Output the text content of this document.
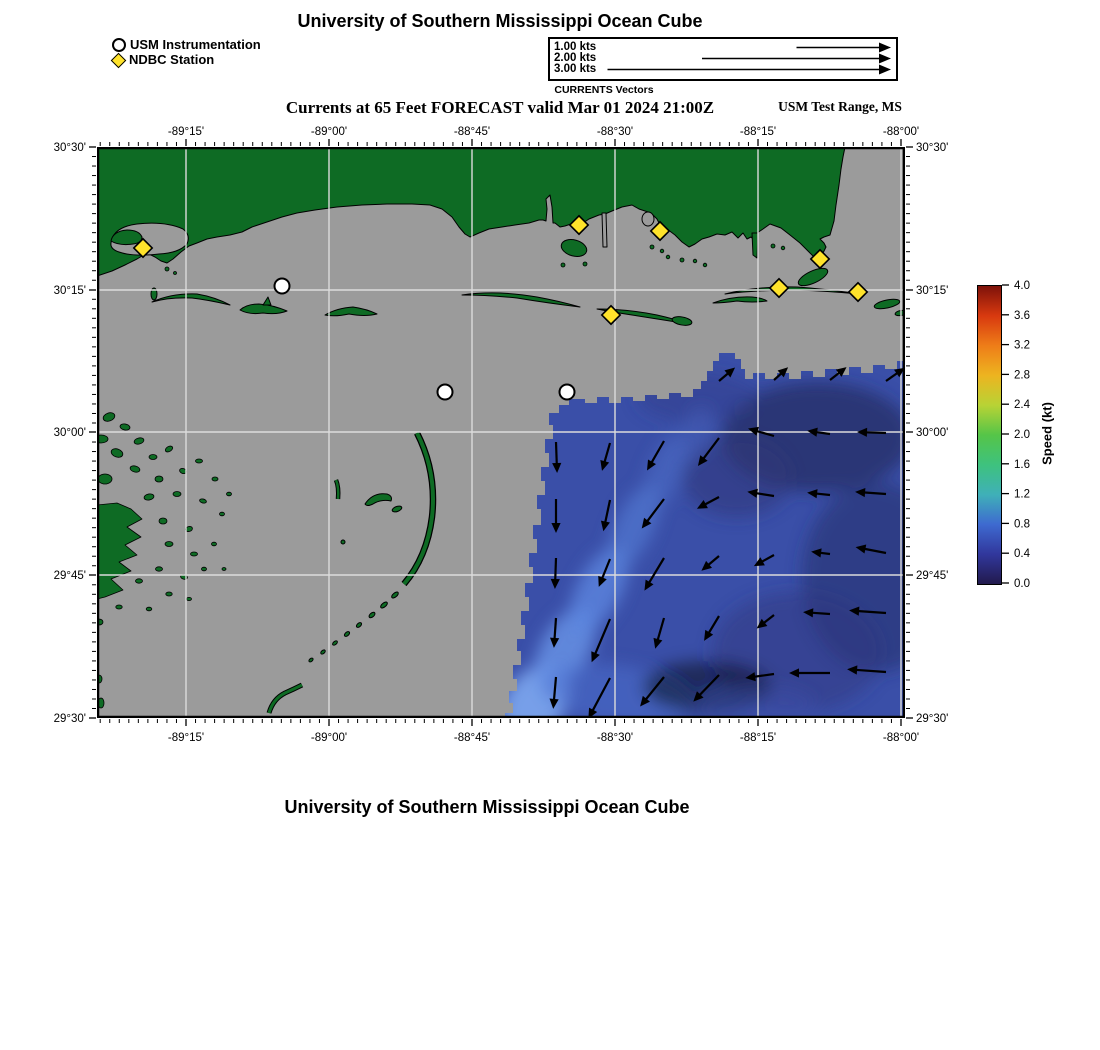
University of Southern Mississippi Ocean Cube
USM Instrumentation
NDBC Station
1.00 kts
2.00 kts
3.00 kts
CURRENTS Vectors
Currents at 65 Feet FORECAST valid Mar 01 2024 21:00Z	USM Test Range, MS
-89°15'
-89°15'
-89°00'
-89°00'
-88°45'
-88°45'
-88°30'
-88°30'
-88°15'
-88°15'
-88°00'
-88°00'
30°30'	30°30'
30°15'	30°15'
30°00'	30°00'
29°45'	29°45'
29°30'	29°30'
4.0
3.6
3.2
2.8
2.4
2.0
1.6
1.2
0.8
0.4
0.0
Speed (kt)
University of Southern Mississippi Ocean Cube
